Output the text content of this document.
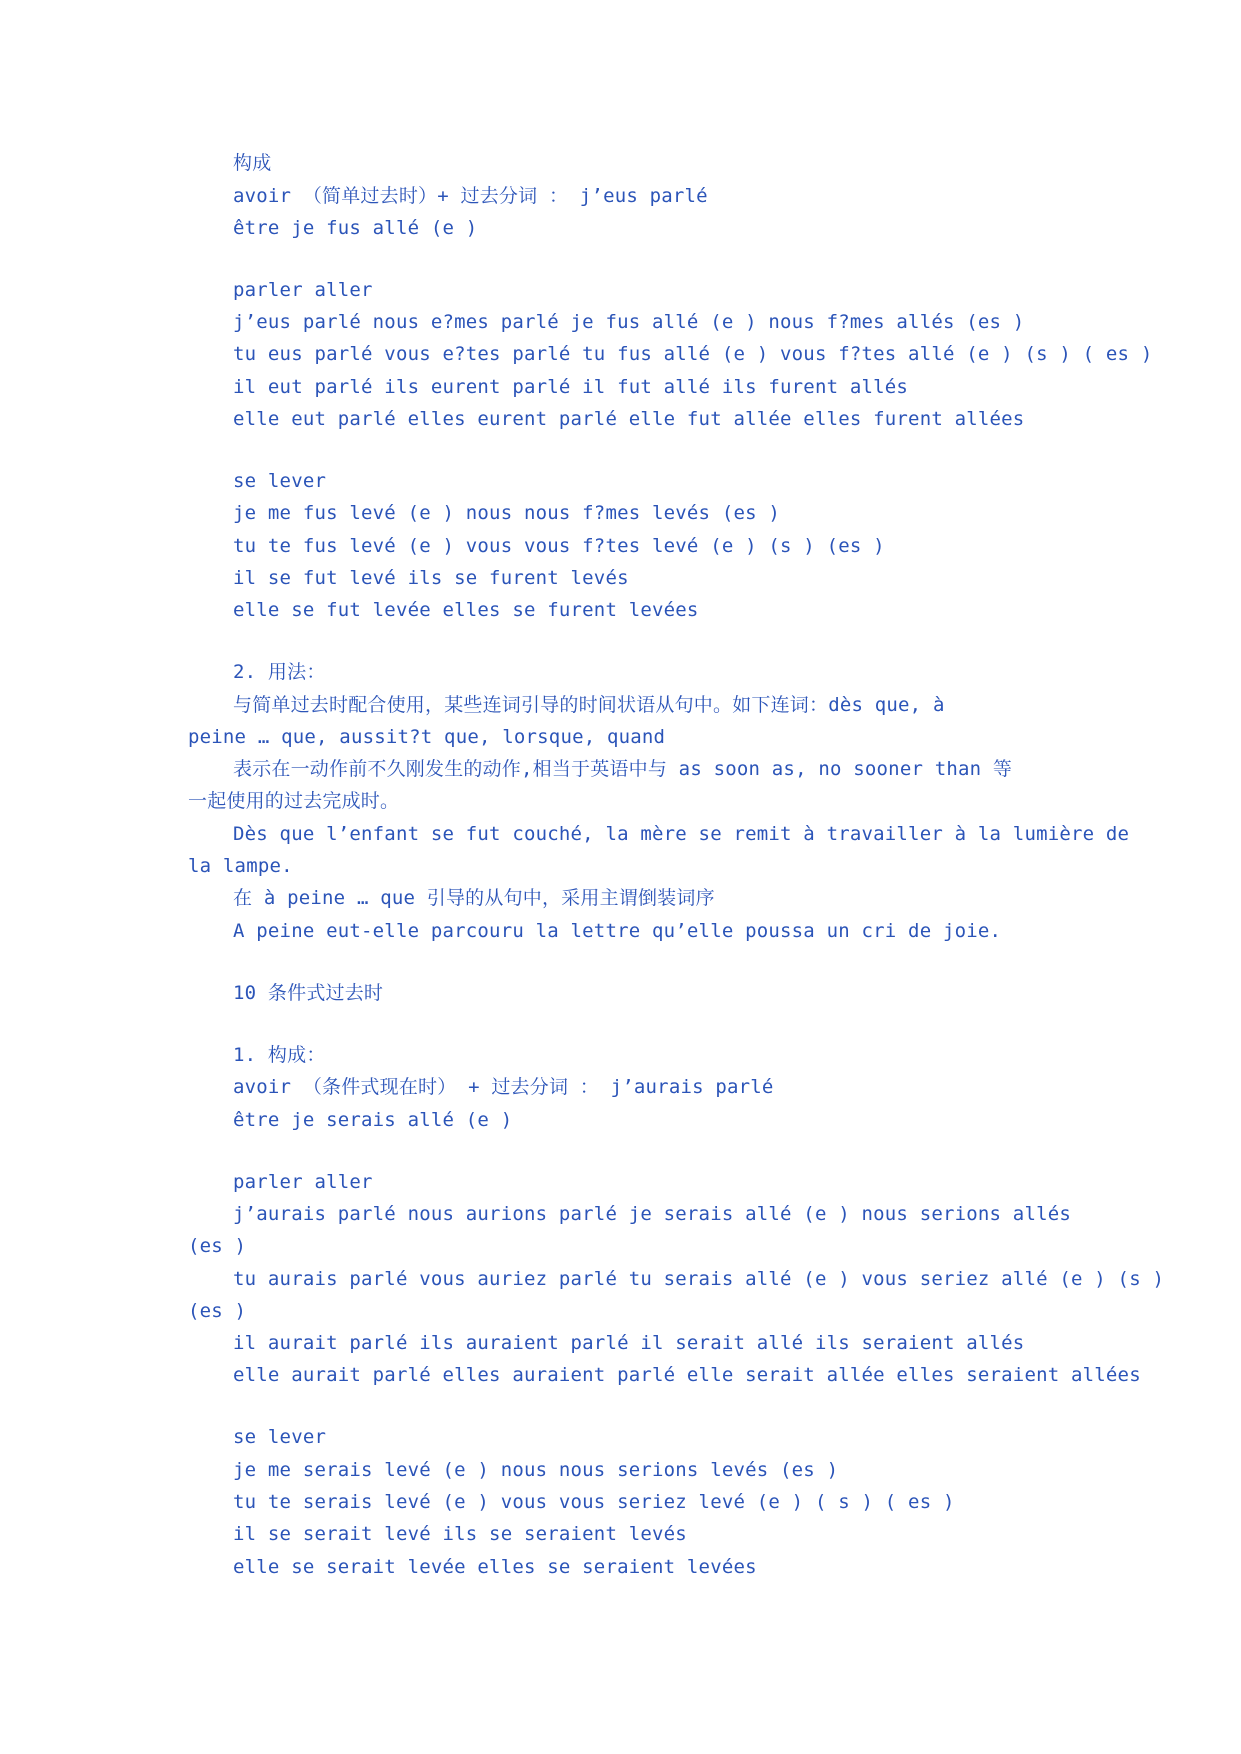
构成
avoir （简单过去时）+ 过去分词 ： j’eus parlé
être je fus allé (e )
parler aller
j’eus parlé nous e?mes parlé je fus allé (e ) nous f?mes allés (es )
tu eus parlé vous e?tes parlé tu fus allé (e ) vous f?tes allé (e ) (s ) ( es )
il eut parlé ils eurent parlé il fut allé ils furent allés
elle eut parlé elles eurent parlé elle fut allée elles furent allées
se lever
je me fus levé (e ) nous nous f?mes levés (es )
tu te fus levé (e ) vous vous f?tes levé (e ) (s ) (es )
il se fut levé ils se furent levés
elle se fut levée elles se furent levées
2. 用法：
与简单过去时配合使用，某些连词引导的时间状语从句中。如下连词：dès que, à
peine … que, aussit?t que, lorsque, quand
表示在一动作前不久刚发生的动作,相当于英语中与 as soon as, no sooner than 等
一起使用的过去完成时。
Dès que l’enfant se fut couché, la mère se remit à travailler à la lumière de
la lampe.
在 à peine … que 引导的从句中，采用主谓倒装词序
A peine eut-elle parcouru la lettre qu’elle poussa un cri de joie.
10 条件式过去时
1. 构成：
avoir （条件式现在时） + 过去分词 ： j’aurais parlé
être je serais allé (e )
parler aller
j’aurais parlé nous aurions parlé je serais allé (e ) nous serions allés
(es )
tu aurais parlé vous auriez parlé tu serais allé (e ) vous seriez allé (e ) (s )
(es )
il aurait parlé ils auraient parlé il serait allé ils seraient allés
elle aurait parlé elles auraient parlé elle serait allée elles seraient allées
se lever
je me serais levé (e ) nous nous serions levés (es )
tu te serais levé (e ) vous vous seriez levé (e ) ( s ) ( es )
il se serait levé ils se seraient levés
elle se serait levée elles se seraient levées
